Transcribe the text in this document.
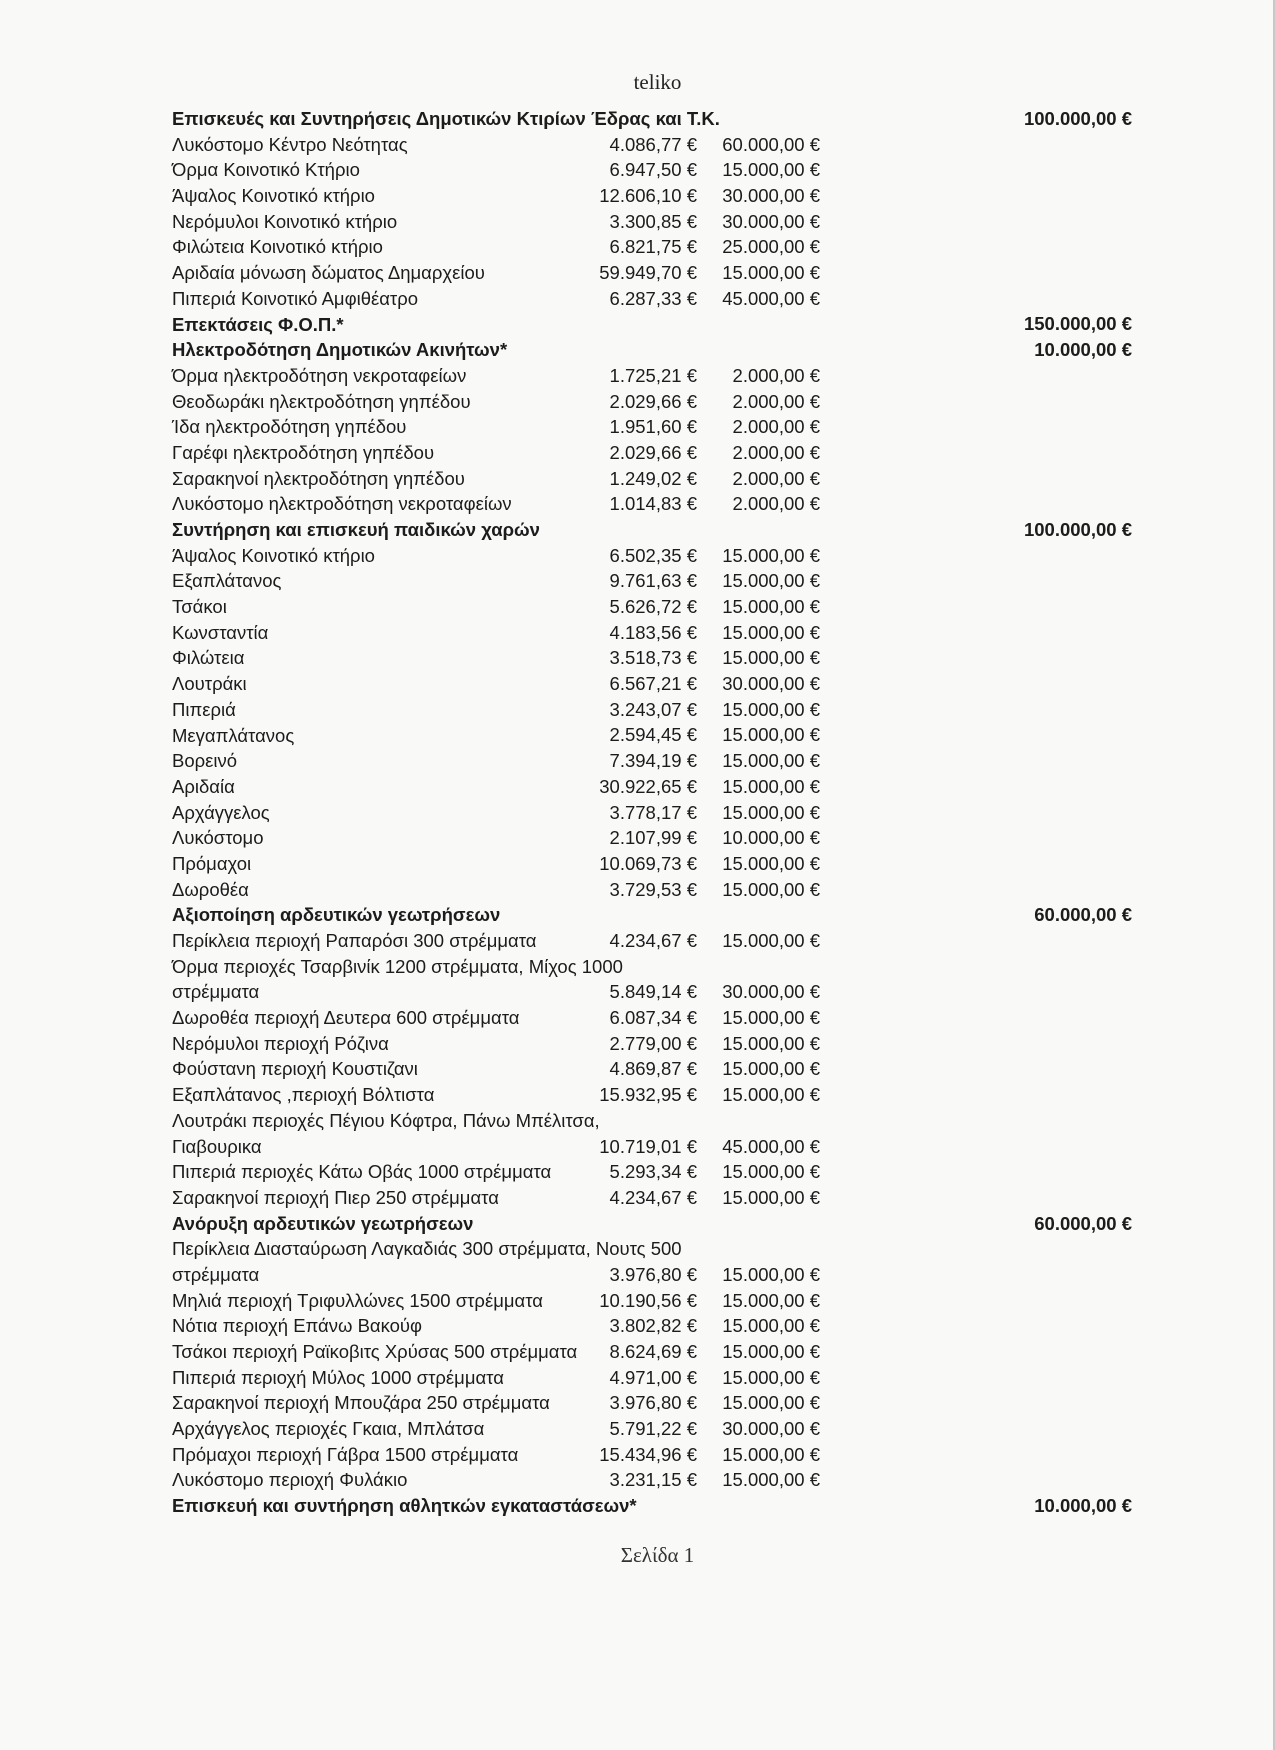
teliko
Επισκευές και Συντηρήσεις Δημοτικών Κτιρίων Έδρας και Τ.Κ.	100.000,00 €
Λυκόστομο Κέντρο Νεότητας	4.086,77 € 60.000,00 €
Όρμα Κοινοτικό Κτήριο	6.947,50 € 15.000,00 €
Άψαλος Κοινοτικό κτήριο	12.606,10 € 30.000,00 €
Νερόμυλοι Κοινοτικό κτήριο	3.300,85 € 30.000,00 €
Φιλώτεια Κοινοτικό κτήριο	6.821,75 € 25.000,00 €
Αριδαία μόνωση δώματος Δημαρχείου	59.949,70 € 15.000,00 €
Πιπεριά Κοινοτικό Αμφιθέατρο	6.287,33 € 45.000,00 €
Επεκτάσεις Φ.Ο.Π.*	150.000,00 €
Ηλεκτροδότηση Δημοτικών Ακινήτων*	10.000,00 €
Όρμα ηλεκτροδότηση νεκροταφείων	1.725,21 € 2.000,00 €
Θεοδωράκι ηλεκτροδότηση γηπέδου	2.029,66 € 2.000,00 €
Ίδα ηλεκτροδότηση γηπέδου	1.951,60 € 2.000,00 €
Γαρέφι ηλεκτροδότηση γηπέδου	2.029,66 € 2.000,00 €
Σαρακηνοί ηλεκτροδότηση γηπέδου	1.249,02 € 2.000,00 €
Λυκόστομο ηλεκτροδότηση νεκροταφείων	1.014,83 € 2.000,00 €
Συντήρηση και επισκευή παιδικών χαρών	100.000,00 €
Άψαλος Κοινοτικό κτήριο	6.502,35 € 15.000,00 €
Εξαπλάτανος	9.761,63 € 15.000,00 €
Τσάκοι	5.626,72 € 15.000,00 €
Κωνσταντία	4.183,56 € 15.000,00 €
Φιλώτεια	3.518,73 € 15.000,00 €
Λουτράκι	6.567,21 € 30.000,00 €
Πιπεριά	3.243,07 € 15.000,00 €
Μεγαπλάτανος	2.594,45 € 15.000,00 €
Βορεινό	7.394,19 € 15.000,00 €
Αριδαία	30.922,65 € 15.000,00 €
Αρχάγγελος	3.778,17 € 15.000,00 €
Λυκόστομο	2.107,99 € 10.000,00 €
Πρόμαχοι	10.069,73 € 15.000,00 €
Δωροθέα	3.729,53 € 15.000,00 €
Αξιοποίηση αρδευτικών γεωτρήσεων	60.000,00 €
Περίκλεια περιοχή Ραπαρόσι 300 στρέμματα	4.234,67 € 15.000,00 €
Όρμα περιοχές Τσαρβινίκ 1200 στρέμματα, Μίχος 1000 στρέμματα	5.849,14 € 30.000,00 €
Δωροθέα περιοχή Δευτερα 600 στρέμματα	6.087,34 € 15.000,00 €
Νερόμυλοι περιοχή Ρόζινα	2.779,00 € 15.000,00 €
Φούστανη περιοχή Κουστιζανι	4.869,87 € 15.000,00 €
Εξαπλάτανος ,περιοχή Βόλτιστα	15.932,95 € 15.000,00 €
Λουτράκι περιοχές Πέγιου Κόφτρα, Πάνω Μπέλιτσα, Γιαβουρικα	10.719,01 € 45.000,00 €
Πιπεριά περιοχές Κάτω Οβάς 1000 στρέμματα	5.293,34 € 15.000,00 €
Σαρακηνοί περιοχή Πιερ 250 στρέμματα	4.234,67 € 15.000,00 €
Ανόρυξη αρδευτικών γεωτρήσεων	60.000,00 €
Περίκλεια Διασταύρωση Λαγκαδιάς 300 στρέμματα, Νουτς 500 στρέμματα	3.976,80 € 15.000,00 €
Μηλιά περιοχή Τριφυλλώνες 1500 στρέμματα	10.190,56 € 15.000,00 €
Νότια περιοχή Επάνω Βακούφ	3.802,82 € 15.000,00 €
Τσάκοι περιοχή Ραϊκοβιτς Χρύσας 500 στρέμματα 8.624,69 € 15.000,00 €
Πιπεριά περιοχή Μύλος 1000 στρέμματα	4.971,00 € 15.000,00 €
Σαρακηνοί περιοχή Μπουζάρα 250 στρέμματα	3.976,80 € 15.000,00 €
Αρχάγγελος περιοχές Γκαια, Μπλάτσα	5.791,22 € 30.000,00 €
Πρόμαχοι περιοχή Γάβρα 1500 στρέμματα	15.434,96 € 15.000,00 €
Λυκόστομο περιοχή Φυλάκιο	3.231,15 € 15.000,00 €
Επισκευή και συντήρηση αθλητκών εγκαταστάσεων*	10.000,00 €
Σελίδα 1
